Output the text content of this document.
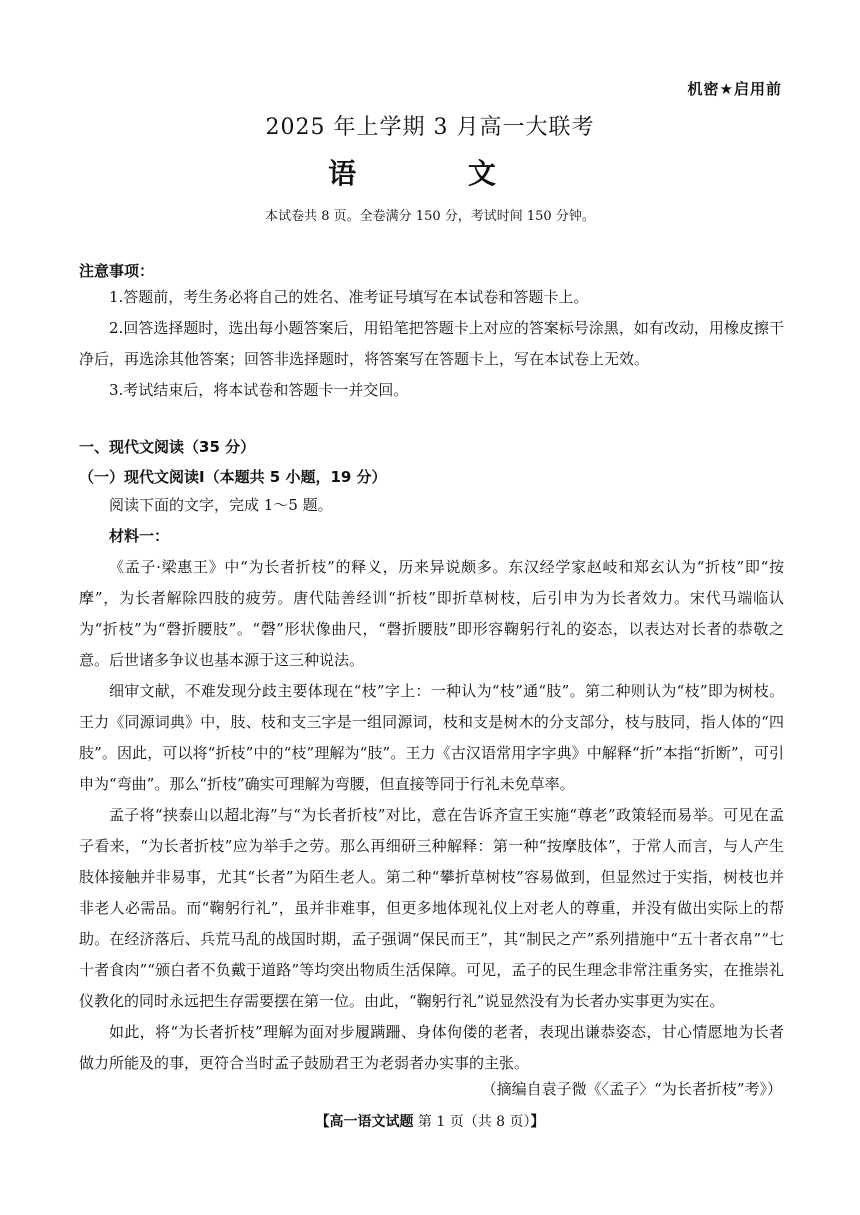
机密★启用前
2025 年上学期 3 月高一大联考
语 文
本试卷共 8 页。全卷满分 150 分，考试时间 150 分钟。
注意事项：

1.答题前，考生务必将自己的姓名、准考证号填写在本试卷和答题卡上。

2.回答选择题时，选出每小题答案后，用铅笔把答题卡上对应的答案标号涂黑，如有改动，用橡皮擦干净后，再选涂其他答案；回答非选择题时，将答案写在答题卡上，写在本试卷上无效。

3.考试结束后，将本试卷和答题卡一并交回。

一、现代文阅读（35 分）
（一）现代文阅读Ⅰ（本题共 5 小题，19 分）

阅读下面的文字，完成 1～5 题。

材料一：

《孟子·梁惠王》中“为长者折枝”的释义，历来异说颇多。东汉经学家赵岐和郑玄认为“折枝”即“按摩”，为长者解除四肢的疲劳。唐代陆善经训“折枝”即折草树枝，后引申为为长者效力。宋代马端临认为“折枝”为“磬折腰肢”。“磬”形状像曲尺，“磬折腰肢”即形容鞠躬行礼的姿态，以表达对长者的恭敬之意。后世诸多争议也基本源于这三种说法。

细审文献，不难发现分歧主要体现在“枝”字上：一种认为“枝”通“肢”。第二种则认为“枝”即为树枝。王力《同源词典》中，肢、枝和支三字是一组同源词，枝和支是树木的分支部分，枝与肢同，指人体的“四肢”。因此，可以将“折枝”中的“枝”理解为“肢”。王力《古汉语常用字字典》中解释“折”本指“折断”，可引申为“弯曲”。那么“折枝”确实可理解为弯腰，但直接等同于行礼未免草率。

孟子将“挟泰山以超北海”与“为长者折枝”对比，意在告诉齐宣王实施“尊老”政策轻而易举。可见在孟子看来，“为长者折枝”应为举手之劳。那么再细研三种解释：第一种“按摩肢体”，于常人而言，与人产生肢体接触并非易事，尤其“长者”为陌生老人。第二种“攀折草树枝”容易做到，但显然过于实指，树枝也并非老人必需品。而“鞠躬行礼”，虽并非难事，但更多地体现礼仪上对老人的尊重，并没有做出实际上的帮助。在经济落后、兵荒马乱的战国时期，孟子强调“保民而王”，其“制民之产”系列措施中“五十者衣帛”“七十者食肉”“颁白者不负戴于道路”等均突出物质生活保障。可见，孟子的民生理念非常注重务实，在推崇礼仪教化的同时永远把生存需要摆在第一位。由此，“鞠躬行礼”说显然没有为长者办实事更为实在。

如此，将“为长者折枝”理解为面对步履蹒跚、身体佝偻的老者，表现出谦恭姿态，甘心情愿地为长者做力所能及的事，更符合当时孟子鼓励君王为老弱者办实事的主张。

（摘编自袁子微《〈孟子〉“为长者折枝”考》）
【高一语文试题 第 1 页（共 8 页）】
